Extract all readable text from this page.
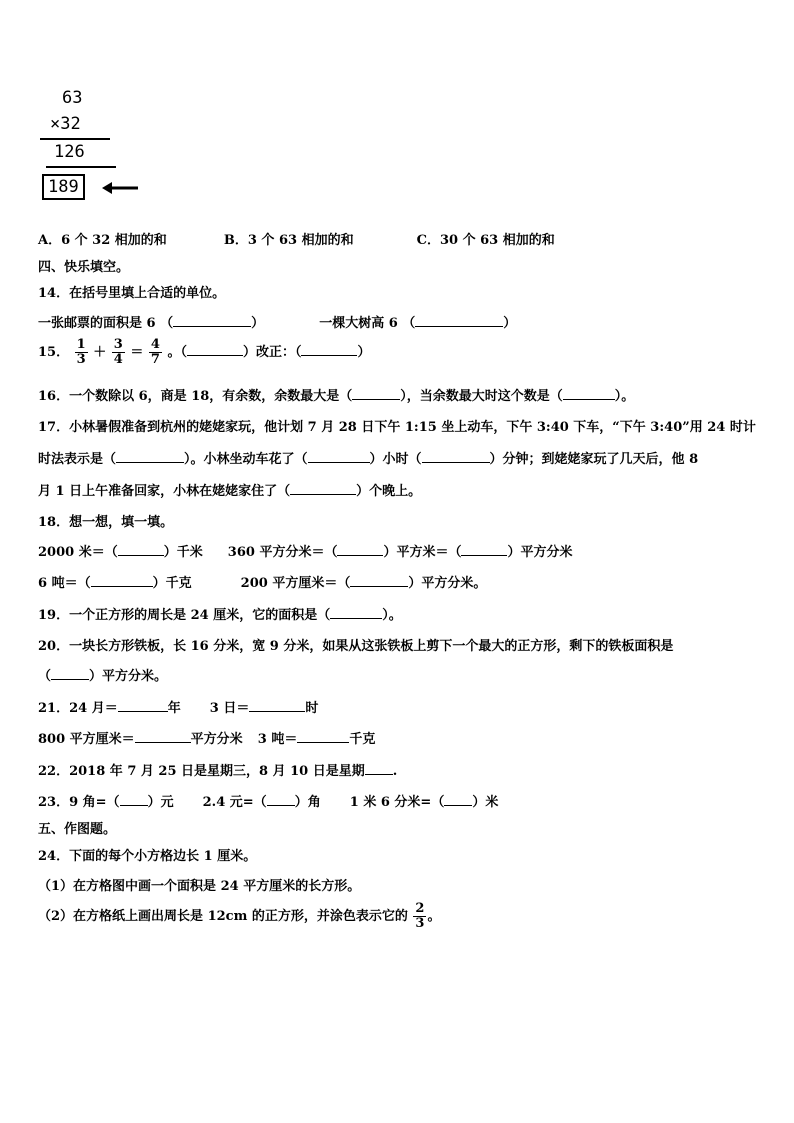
63
×32
126
189
A．6 个 32 相加的和	B．3 个 63 相加的和	C．30 个 63 相加的和
四、快乐填空。
14．在括号里填上合适的单位。
一张邮票的面积是 6 （	）	一棵大树高 6 （	）
15． $\frac{1}{3} + \frac{3}{4} = \frac{4}{7}$ 。（	）改正：（	）
16．一个数除以 6，商是 18，有余数，余数最大是（	），当余数最大时这个数是（	）。
17．小林暑假准备到杭州的姥姥家玩，他计划 7 月 28 日下午 1:15 坐上动车，下午 3:40 下车，“下午 3:40”用 24 时计
时法表示是（	）。小林坐动车花了（	）小时（	）分钟；到姥姥家玩了几天后，他 8
月 1 日上午准备回家，小林在姥姥家住了（	）个晚上。
18．想一想，填一填。
2000 米＝（	）千米 360 平方分米＝（	）平方米＝（	）平方分米
6 吨＝（	）千克	200 平方厘米＝（	）平方分米。
19．一个正方形的周长是 24 厘米，它的面积是（	）。
20．一块长方形铁板，长 16 分米，宽 9 分米，如果从这张铁板上剪下一个最大的正方形，剩下的铁板面积是
（	）平方分米。
21．24 月＝	年 3 日＝	时
800 平方厘米＝	平方分米 3 吨＝	千克
22．2018 年 7 月 25 日是星期三，8 月 10 日是星期 .
23．9 角=（ ）元 2.4 元=（ ）角 1 米 6 分米=（ ）米
五、作图题。
24．下面的每个小方格边长 1 厘米。
（1）在方格图中画一个面积是 24 平方厘米的长方形。
（2）在方格纸上画出周长是 12cm 的正方形，并涂色表示它的 $\frac{2}{3}$ 。
